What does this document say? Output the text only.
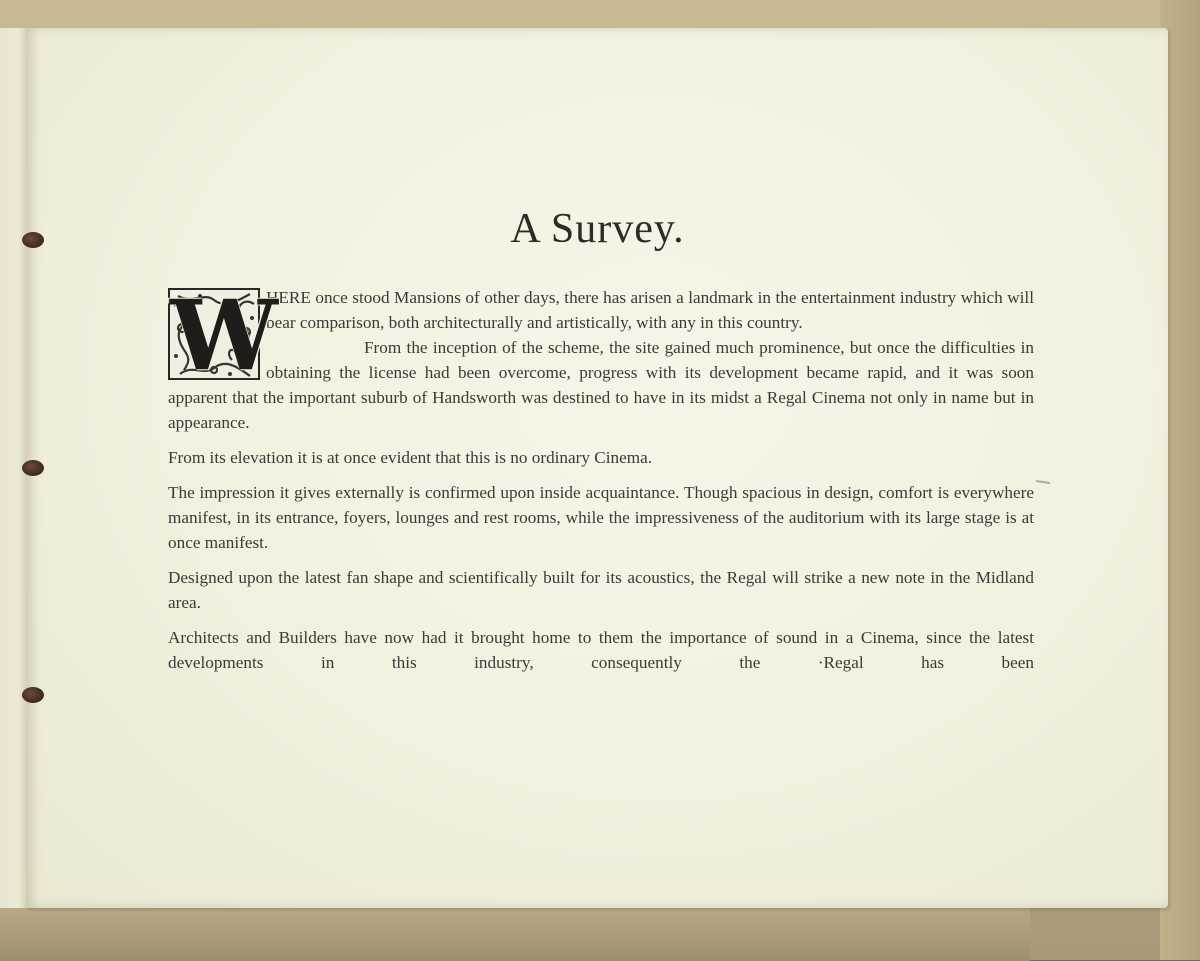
A Survey.
W

HERE once stood Mansions of other days, there has arisen a landmark in the entertainment industry which will bear comparison, both architecturally and artistically, with any in this country.

From the inception of the scheme, the site gained much prominence, but once the difficulties in obtaining the license had been overcome, progress with its development became rapid, and it was soon apparent that the important suburb of Handsworth was destined to have in its midst a Regal Cinema not only in name but in appearance.

From its elevation it is at once evident that this is no ordinary Cinema.

The impression it gives externally is confirmed upon inside acquaintance. Though spacious in design, comfort is everywhere manifest, in its entrance, foyers, lounges and rest rooms, while the impressiveness of the auditorium with its large stage is at once manifest.

Designed upon the latest fan shape and scientifically built for its acoustics, the Regal will strike a new note in the Midland area.

Architects and Builders have now had it brought home to them the importance of sound in a Cinema, since the latest developments in this industry, consequently the ·Regal has been
